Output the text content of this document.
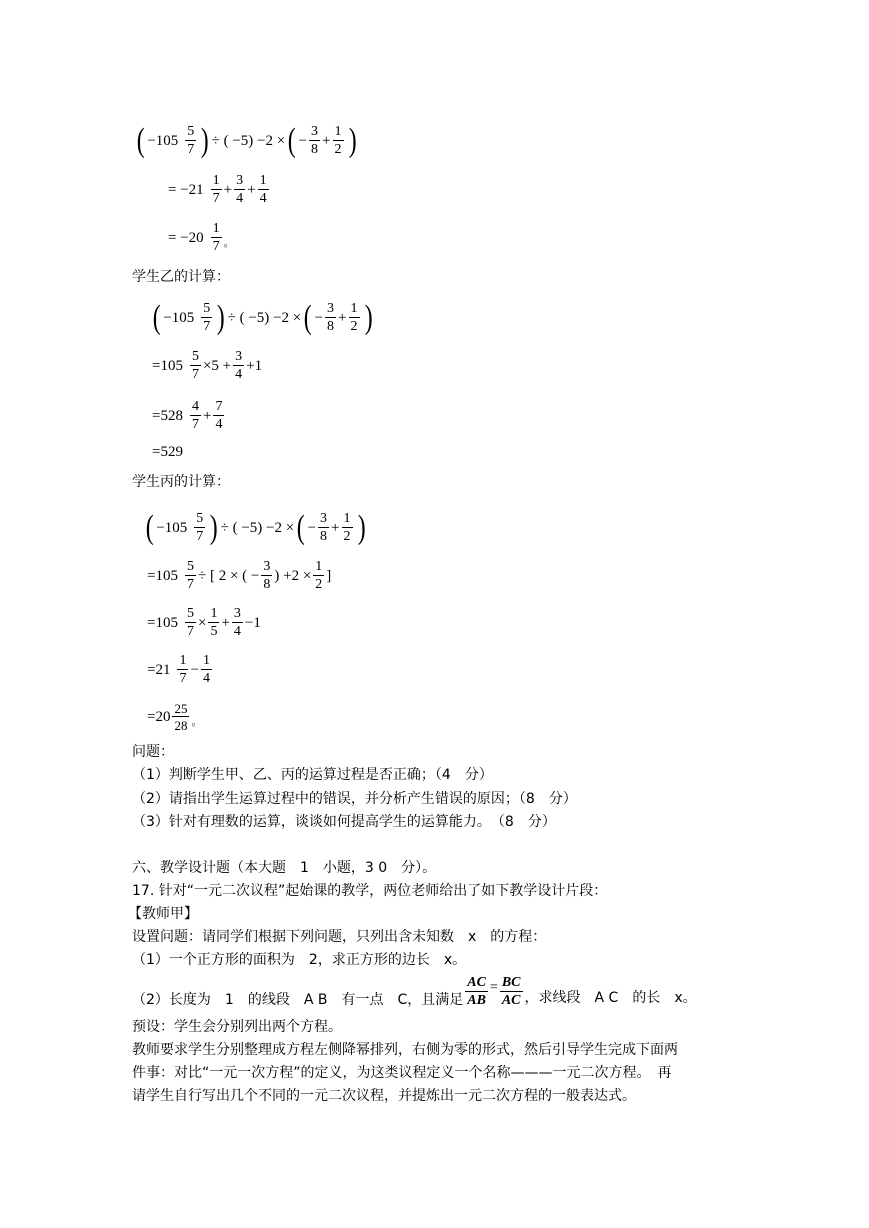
( $-105 \frac{5}{7}$ ) ÷ ( −5) −2 × ( − $\frac{3}{8} + \frac{1}{2}$ )
= $-21 \frac{1}{7} + \frac{3}{4} + \frac{1}{4}$
= $-20 \frac{1}{7}$ 。
学生乙的计算：
( $-105 \frac{5}{7}$ ) ÷ ( −5) −2 × ( − $\frac{3}{8} + \frac{1}{2}$ )
$=105 \frac{5}{7} \times 5 + \frac{3}{4} +1$
$=528 \frac{4}{7} + \frac{7}{4}$
=529
学生丙的计算：
( $-105 \frac{5}{7}$ ) ÷ ( −5) −2 × ( − $\frac{3}{8} + \frac{1}{2}$ )
$=105 \frac{5}{7}$ ÷ [ 2 × ( − $\frac{3}{8}$ ) $+2 \times \frac{1}{2}$ ]
$=105 \frac{5}{7} \times \frac{1}{5} + \frac{3}{4} -1$
$=21 \frac{1}{7} - \frac{1}{4}$
$=20 \frac{25}{28}$ 。
问题：
（1）判断学生甲、乙、丙的运算过程是否正确；（4　分）
（2）请指出学生运算过程中的错误，并分析产生错误的原因；（8　分）
（3）针对有理数的运算，谈谈如何提高学生的运算能力。　（8　分）
六、教学设计题（本大题　1　小题，3 0　分）。
17. 针对“一元二次议程”起始课的教学，两位老师给出了如下教学设计片段：
【教师甲】
设置问题：请同学们根据下列问题，只列出含未知数　x　的方程：
（1）一个正方形的面积为　2，求正方形的边长　x。
（2）长度为　1　的线段　A B　有一点　C，且满足 $\frac{AC}{AB} = \frac{BC}{AC}$ ，求线段　A C　的长　x。
预设：学生会分别列出两个方程。
教师要求学生分别整理成方程左侧降幂排列，右侧为零的形式，然后引导学生完成下面两
件事：对比“一元一次方程”的定义，为这类议程定义一个名称———一元二次方程。　再
请学生自行写出几个不同的一元二次议程，并提炼出一元二次方程的一般表达式。
